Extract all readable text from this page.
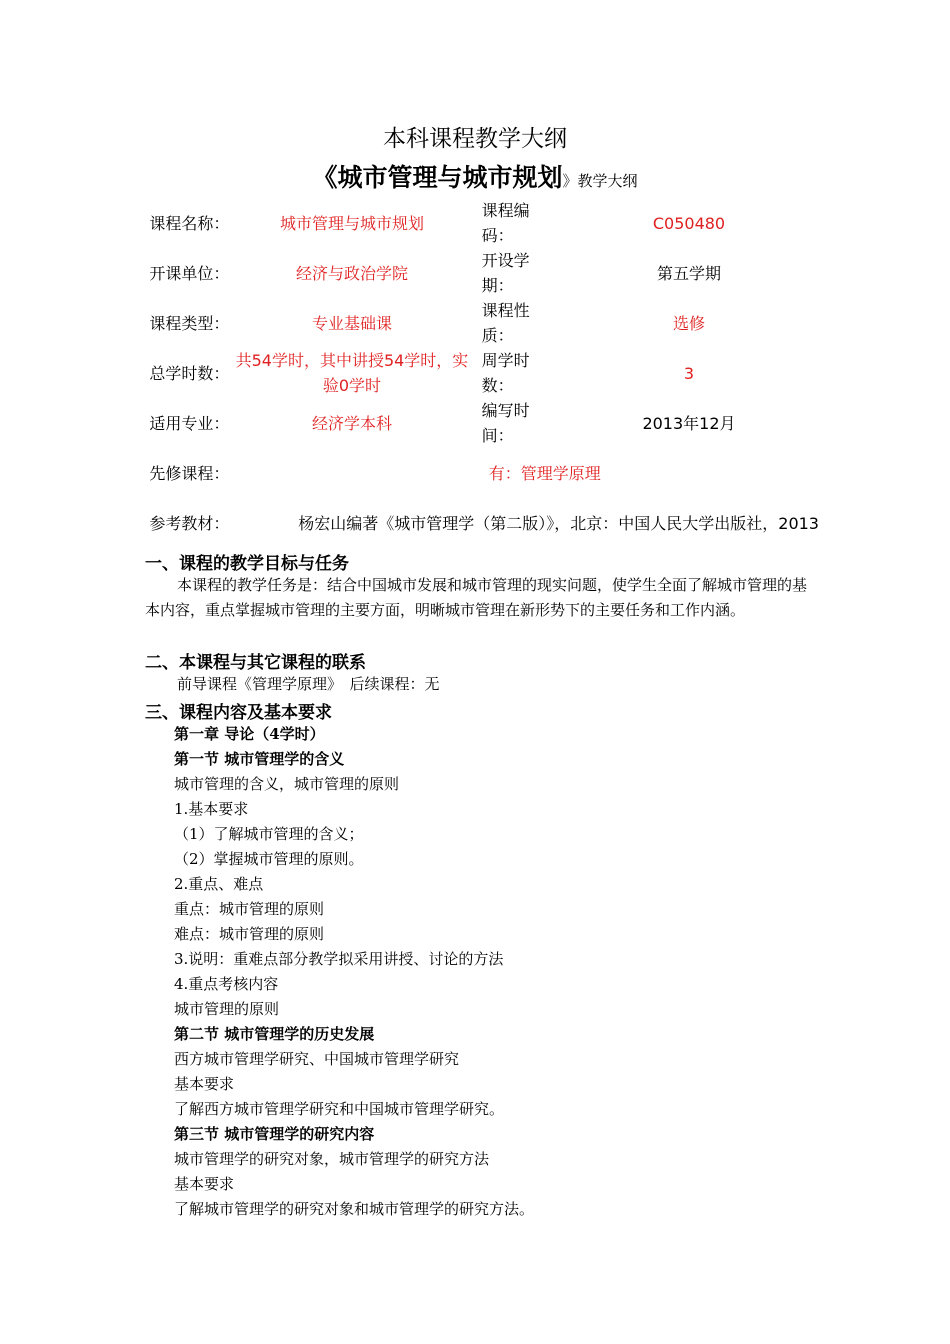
本科课程教学大纲
《城市管理与城市规划》教学大纲
课程名称：	城市管理与城市规划	课程编码：	C050480
开课单位：	经济与政治学院	开设学期：	第五学期
课程类型：	专业基础课	课程性质：	选修
总学时数：	共54学时，其中讲授54学时，实验0学时	周学时数：	3
适用专业：	经济学本科	编写时间：	2013年12月
先修课程：	有：管理学原理		
参考教材：	杨宏山编著《城市管理学（第二版）》，北京：中国人民大学出版社，2013		
一、课程的教学目标与任务
本课程的教学任务是：结合中国城市发展和城市管理的现实问题，使学生全面了解城市管理的基本内容，重点掌握城市管理的主要方面，明晰城市管理在新形势下的主要任务和工作内涵。
二、本课程与其它课程的联系
前导课程《管理学原理》　后续课程：无
三、课程内容及基本要求
第一章 导论（4学时）
第一节 城市管理学的含义
城市管理的含义，城市管理的原则
1.基本要求
（1）了解城市管理的含义；
（2）掌握城市管理的原则。
2.重点、难点
重点：城市管理的原则
难点：城市管理的原则
3.说明：重难点部分教学拟采用讲授、讨论的方法
4.重点考核内容
城市管理的原则
第二节 城市管理学的历史发展
西方城市管理学研究、中国城市管理学研究
基本要求
了解西方城市管理学研究和中国城市管理学研究。
第三节 城市管理学的研究内容
城市管理学的研究对象，城市管理学的研究方法
基本要求
了解城市管理学的研究对象和城市管理学的研究方法。
